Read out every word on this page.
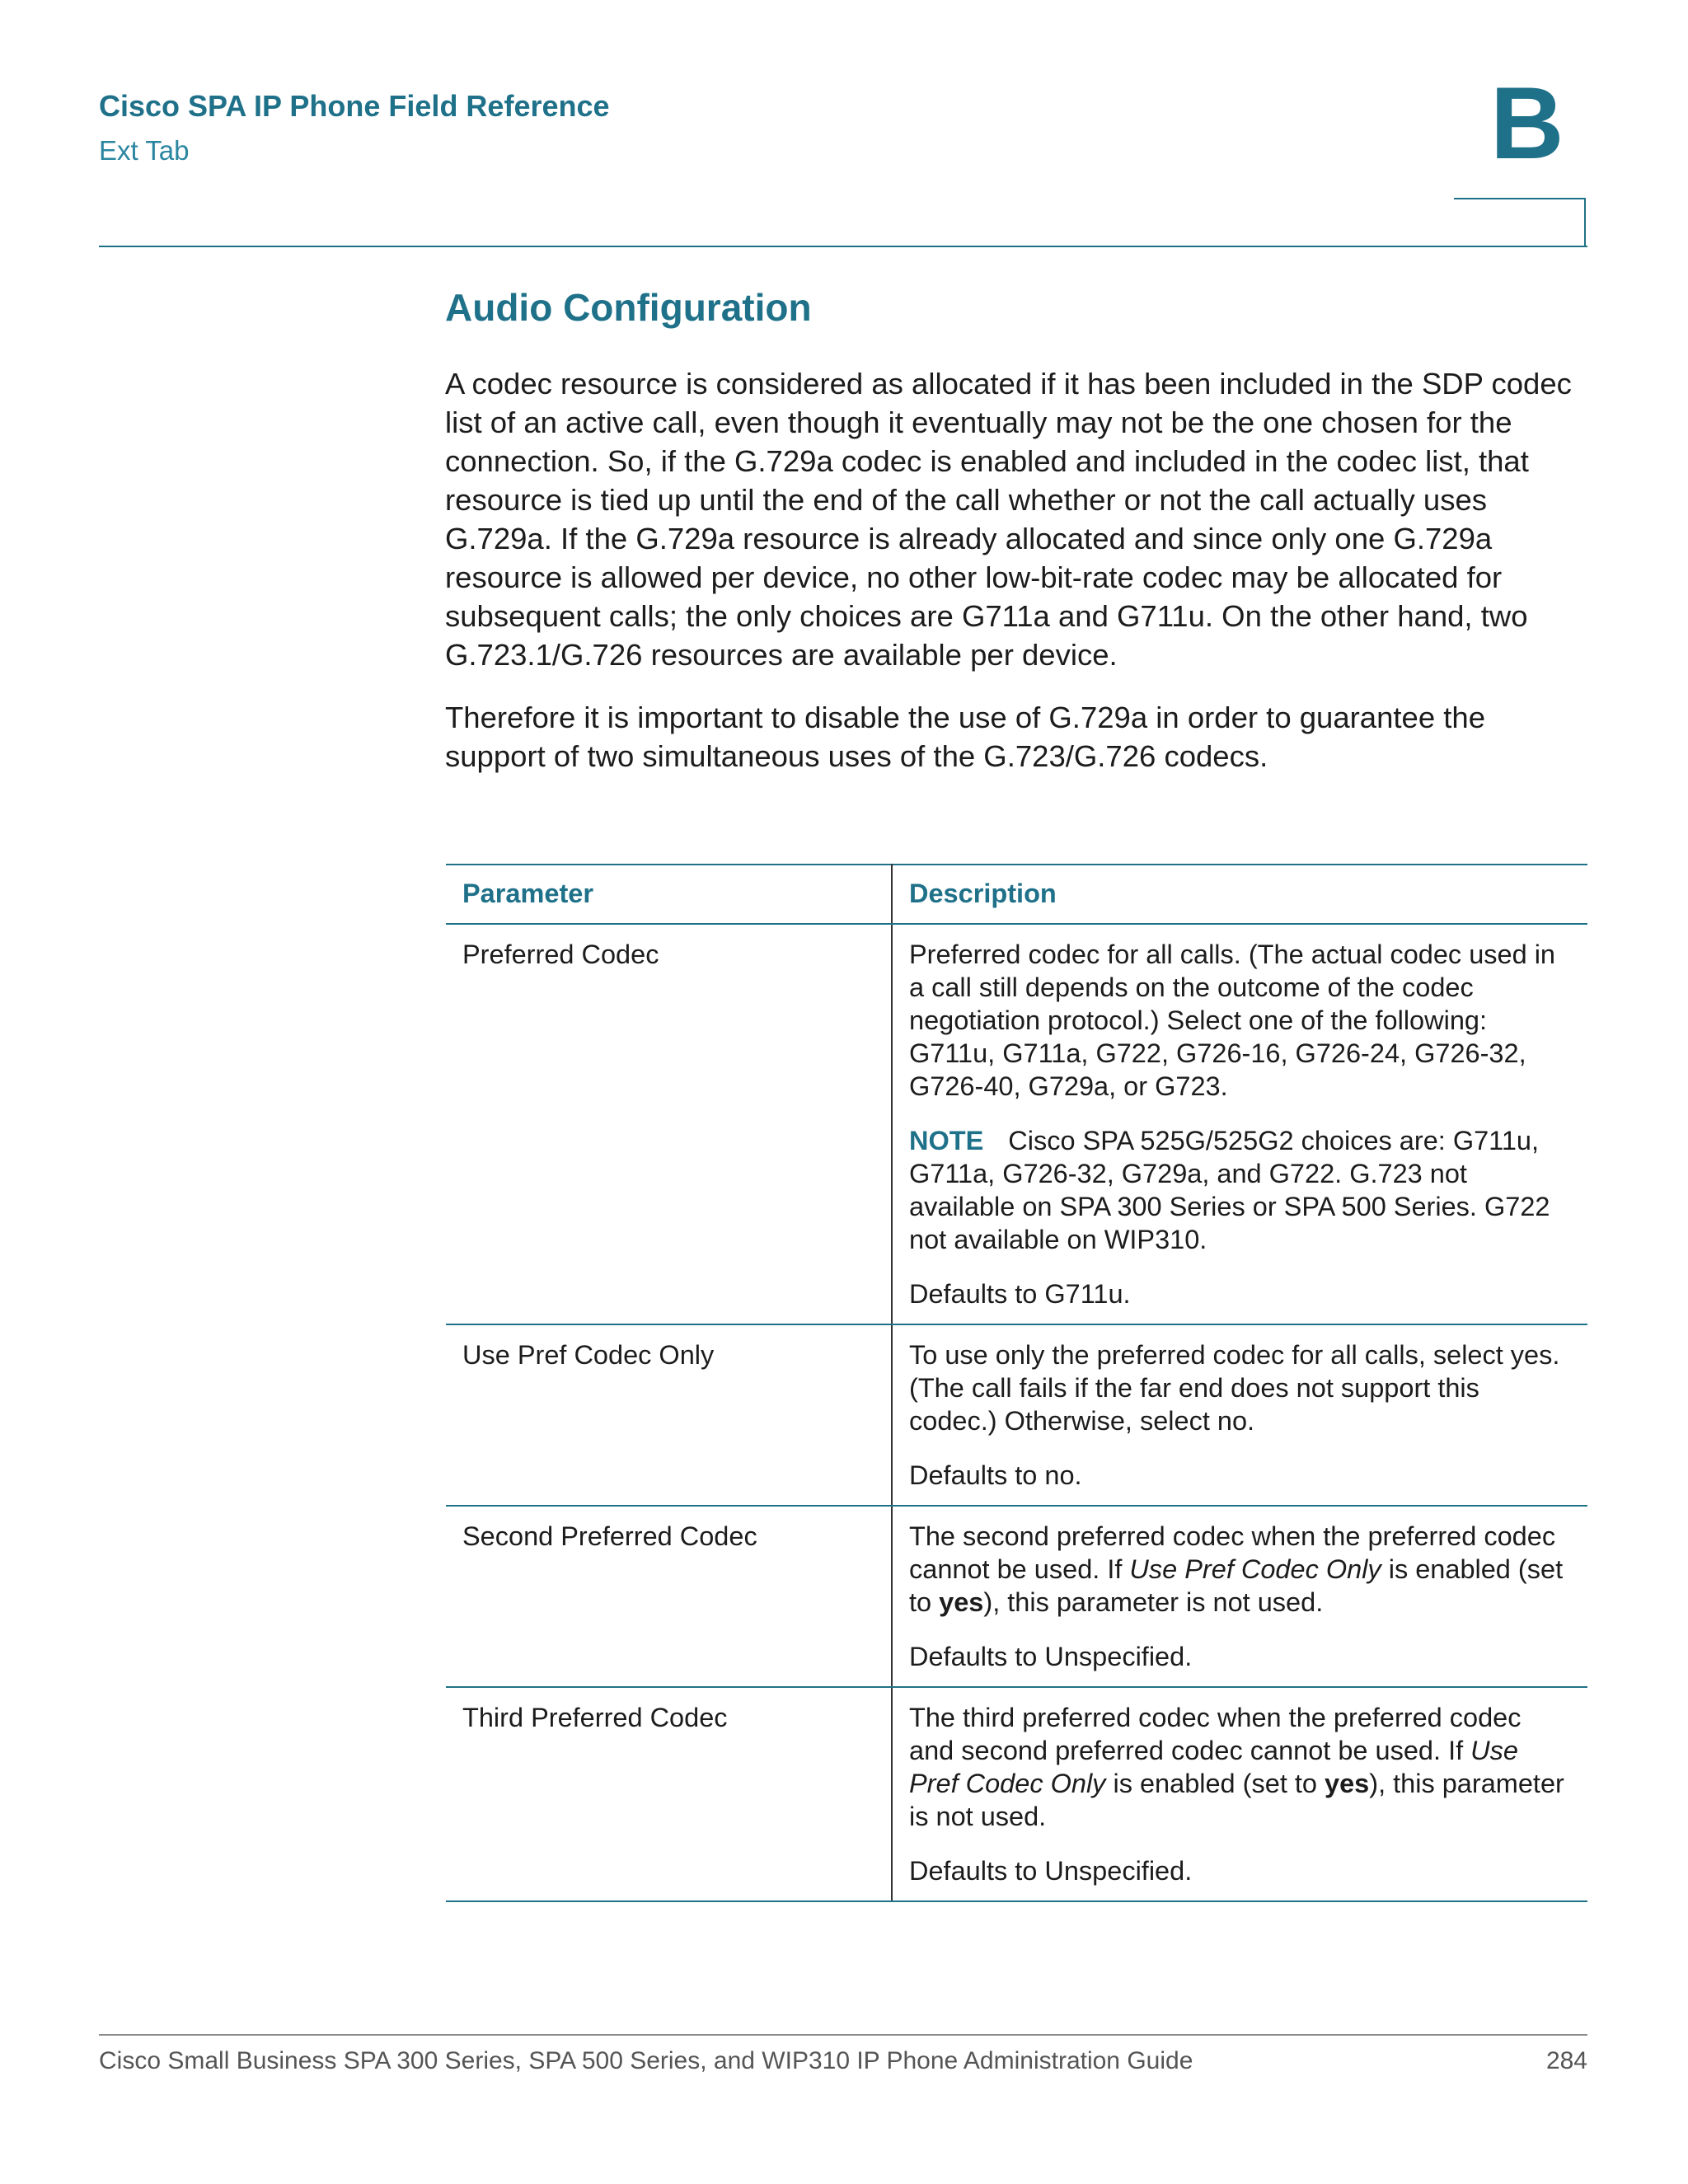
Cisco SPA IP Phone Field Reference
Ext Tab	B
Audio Configuration

A codec resource is considered as allocated if it has been included in the SDP codec list of an active call, even though it eventually may not be the one chosen for the connection. So, if the G.729a codec is enabled and included in the codec list, that resource is tied up until the end of the call whether or not the call actually uses G.729a. If the G.729a resource is already allocated and since only one G.729a resource is allowed per device, no other low-bit-rate codec may be allocated for subsequent calls; the only choices are G711a and G711u. On the other hand, two G.723.1/G.726 resources are available per device.

Therefore it is important to disable the use of G.729a in order to guarantee the support of two simultaneous uses of the G.723/G.726 codecs.

Parameter	Description
Preferred Codec	Preferred codec for all calls. (The actual codec used in a call still depends on the outcome of the codec negotiation protocol.) Select one of the following: G711u, G711a, G722, G726-16, G726-24, G726-32, G726-40, G729a, or G723.

NOTE Cisco SPA 525G/525G2 choices are: G711u, G711a, G726-32, G729a, and G722. G.723 not available on SPA 300 Series or SPA 500 Series. G722 not available on WIP310.

Defaults to G711u.

Use Pref Codec Only	To use only the preferred codec for all calls, select yes. (The call fails if the far end does not support this codec.) Otherwise, select no.

Defaults to no.

Second Preferred Codec	The second preferred codec when the preferred codec cannot be used. If Use Pref Codec Only is enabled (set to yes), this parameter is not used.

Defaults to Unspecified.

Third Preferred Codec	The third preferred codec when the preferred codec and second preferred codec cannot be used. If Use Pref Codec Only is enabled (set to yes), this parameter is not used.

Defaults to Unspecified.

Cisco Small Business SPA 300 Series, SPA 500 Series, and WIP310 IP Phone Administration Guide	284
